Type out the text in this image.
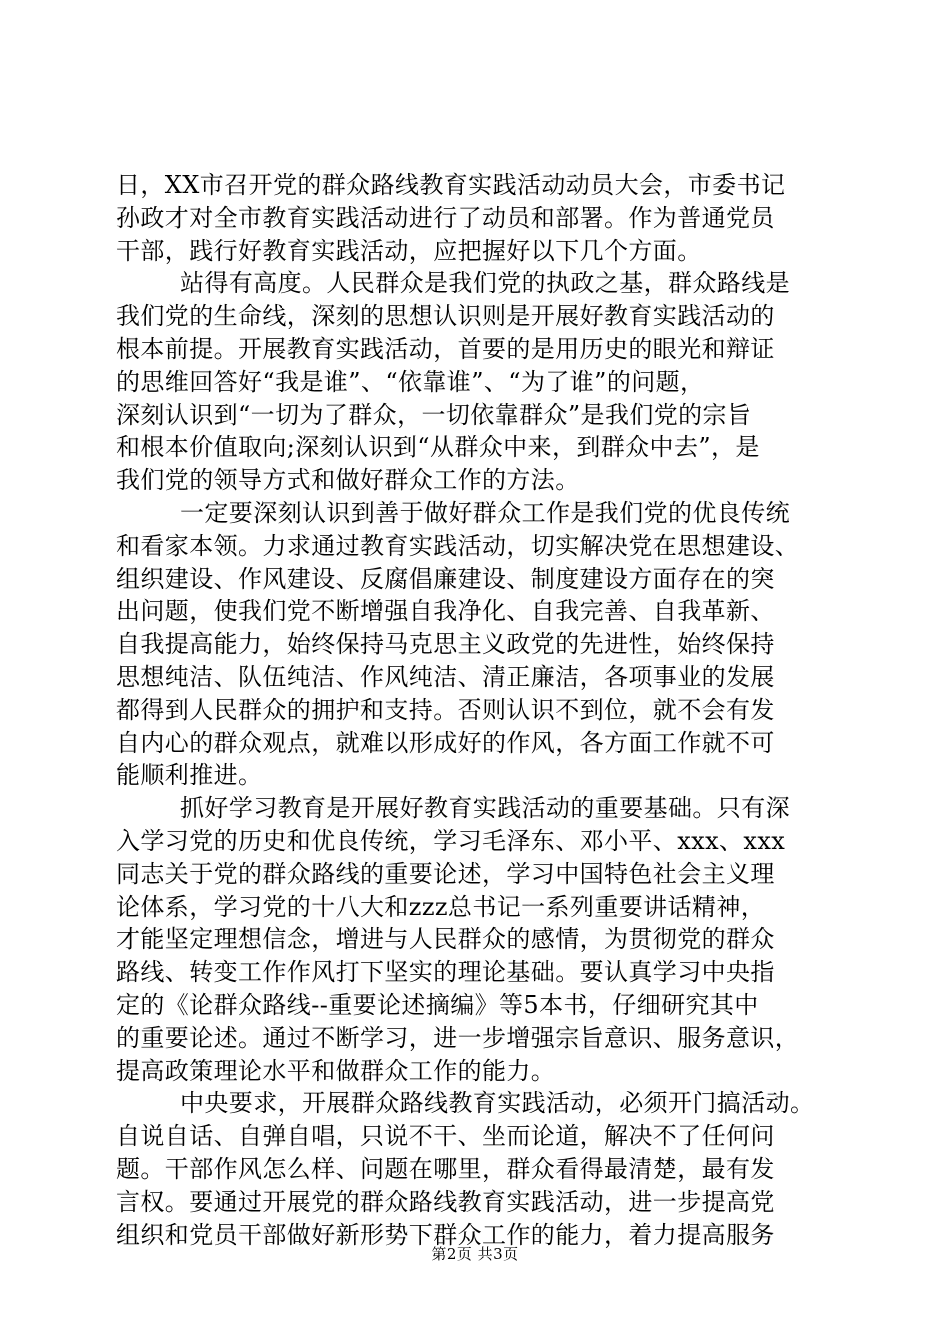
日，XX市召开党的群众路线教育实践活动动员大会，市委书记
孙政才对全市教育实践活动进行了动员和部署。作为普通党员
干部，践行好教育实践活动，应把握好以下几个方面。
站得有高度。人民群众是我们党的执政之基，群众路线是
我们党的生命线，深刻的思想认识则是开展好教育实践活动的
根本前提。开展教育实践活动，首要的是用历史的眼光和辩证
的思维回答好“我是谁”、“依靠谁”、“为了谁”的问题，
深刻认识到“一切为了群众，一切依靠群众”是我们党的宗旨
和根本价值取向;深刻认识到“从群众中来，到群众中去”，是
我们党的领导方式和做好群众工作的方法。
一定要深刻认识到善于做好群众工作是我们党的优良传统
和看家本领。力求通过教育实践活动，切实解决党在思想建设、
组织建设、作风建设、反腐倡廉建设、制度建设方面存在的突
出问题，使我们党不断增强自我净化、自我完善、自我革新、
自我提高能力，始终保持马克思主义政党的先进性，始终保持
思想纯洁、队伍纯洁、作风纯洁、清正廉洁，各项事业的发展
都得到人民群众的拥护和支持。否则认识不到位，就不会有发
自内心的群众观点，就难以形成好的作风，各方面工作就不可
能顺利推进。
抓好学习教育是开展好教育实践活动的重要基础。只有深
入学习党的历史和优良传统，学习毛泽东、邓小平、xxx、xxx
同志关于党的群众路线的重要论述，学习中国特色社会主义理
论体系，学习党的十八大和zzz总书记一系列重要讲话精神，
才能坚定理想信念，增进与人民群众的感情，为贯彻党的群众
路线、转变工作作风打下坚实的理论基础。要认真学习中央指
定的《论群众路线--重要论述摘编》等5本书，仔细研究其中
的重要论述。通过不断学习，进一步增强宗旨意识、服务意识，
提高政策理论水平和做群众工作的能力。
中央要求，开展群众路线教育实践活动，必须开门搞活动。
自说自话、自弹自唱，只说不干、坐而论道，解决不了任何问
题。干部作风怎么样、问题在哪里，群众看得最清楚，最有发
言权。要通过开展党的群众路线教育实践活动，进一步提高党
组织和党员干部做好新形势下群众工作的能力，着力提高服务
第2页 共3页
